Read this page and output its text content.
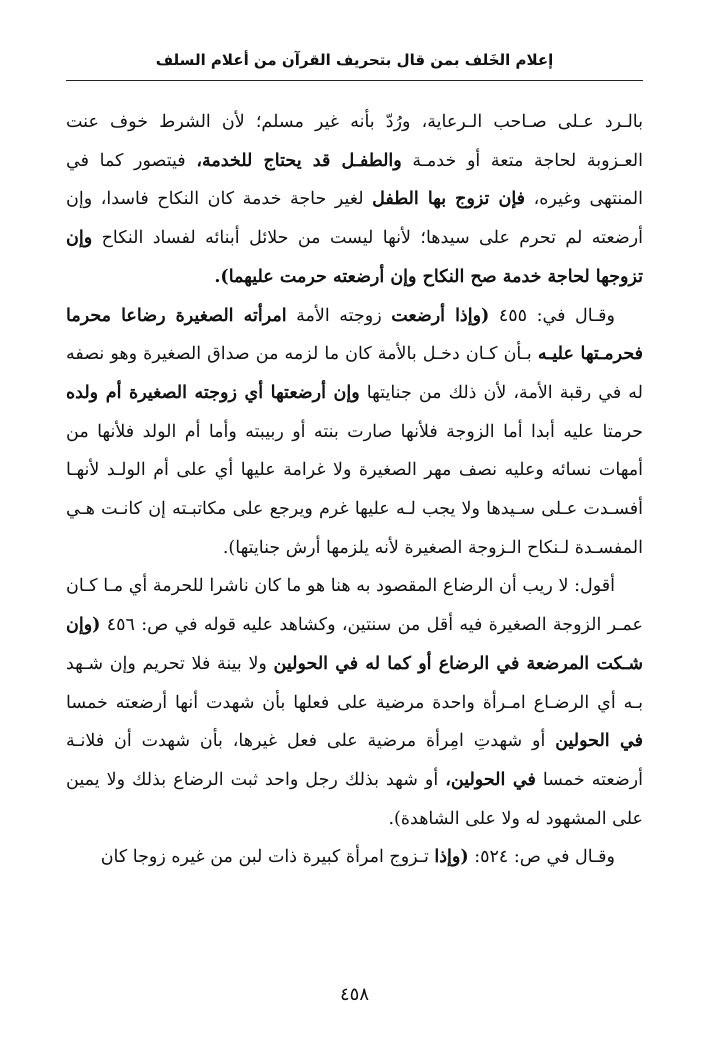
إعلام الخَلف بمن قال بتحريف القرآن من أعلام السلف

بالـرد عـلى صـاحب الـرعاية، ورُدّ بأنه غير مسلم؛ لأن الشرط خوف عنت العـزوبة لحاجة متعة أو خدمـة والطفـل قد يحتاج للخدمة، فيتصور كما في المنتهى وغيره، فإن تزوج بها الطفل لغير حاجة خدمة كان النكاح فاسدا، وإن أرضعته لم تحرم على سيدها؛ لأنها ليست من حلائل أبنائه لفساد النكاح وإن تزوجها لحاجة خدمة صح النكاح وإن أرضعته حرمت عليهما).

وقـال في: ٤٥٥ (وإذا أرضعت زوجته الأمة امرأته الصغيرة رضاعا محرما فحرمـتها عليـه بـأن كـان دخـل بالأمة كان ما لزمه من صداق الصغيرة وهو نصفه له في رقبة الأمة، لأن ذلك من جنايتها وإن أرضعتها أي زوجته الصغيرة أم ولده حرمتا عليه أبدا أما الزوجة فلأنها صارت بنته أو ربيبته وأما أم الولد فلأنها من أمهات نسائه وعليه نصف مهر الصغيرة ولا غرامة عليها أي على أم الولـد لأنهـا أفسـدت عـلى سـيدها ولا يجب لـه عليها غرم ويرجع على مكاتبـته إن كانـت هـي المفسـدة لـنكاح الـزوجة الصغيرة لأنه يلزمها أرش جنايتها).

أقول: لا ريب أن الرضاع المقصود به هنا هو ما كان ناشرا للحرمة أي مـا كـان عمـر الزوجة الصغيرة فيه أقل من سنتين، وكشاهد عليه قوله في ص: ٤٥٦ (وإن شـكت المرضعة في الرضاع أو كما له في الحولين ولا بينة فلا تحريم وإن شـهد بـه أي الرضـاع امـرأة واحدة مرضية على فعلها بأن شهدت أنها أرضعته خمسا في الحولين أو شهدتِ امِرأة مرضية على فعل غيرها، بأن شهدت أن فلانـة أرضعته خمسا في الحولين، أو شهد بذلك رجل واحد ثبت الرضاع بذلك ولا يمين على المشهود له ولا على الشاهدة).

وقـال في ص: ٥٢٤: (وإذا تـزوج امرأة كبيرة ذات لبن من غيره زوجا كان

٤٥٨
